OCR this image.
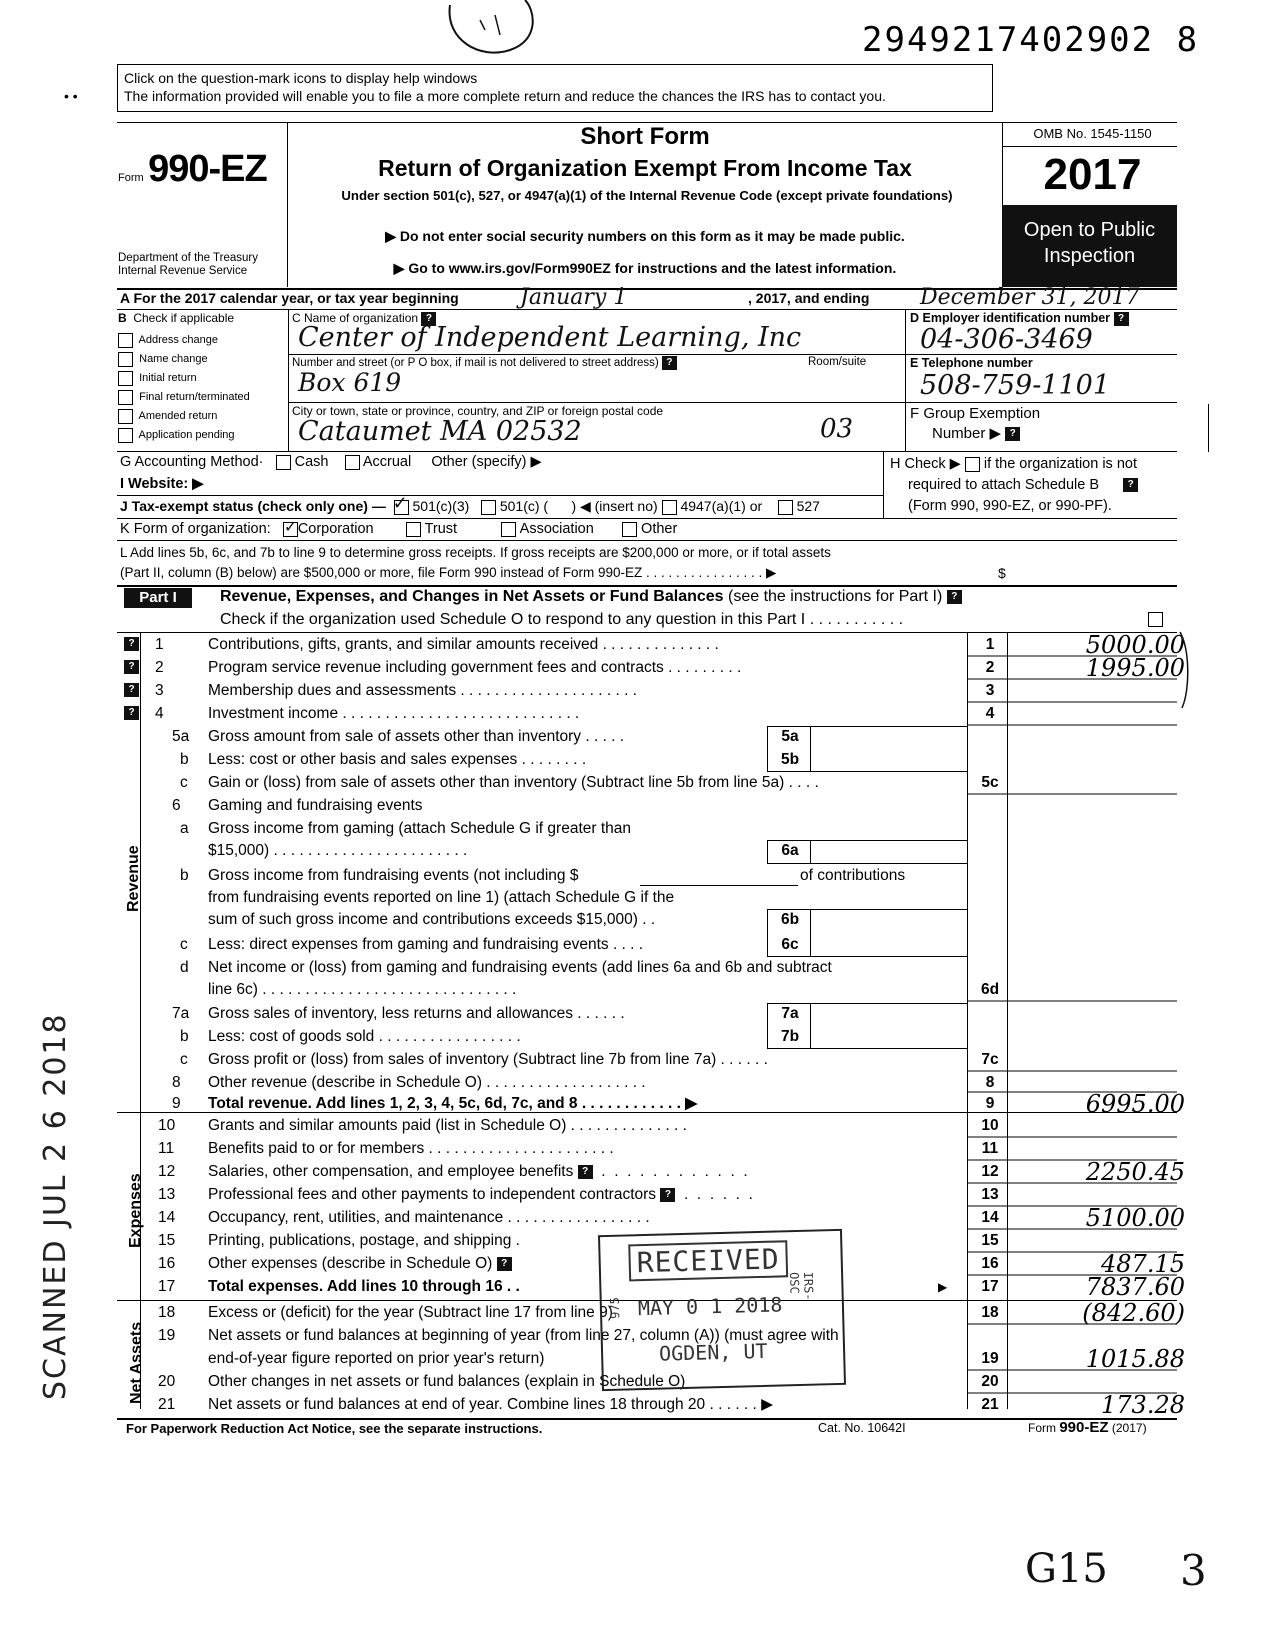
2949217402902 8
Click on the question-mark icons to display help windows
The information provided will enable you to file a more complete return and reduce the chances the IRS has to contact you.
• •
Form 990-EZ
Department of the Treasury
Internal Revenue Service
Short Form
Return of Organization Exempt From Income Tax
Under section 501(c), 527, or 4947(a)(1) of the Internal Revenue Code (except private foundations)
▶ Do not enter social security numbers on this form as it may be made public.
▶ Go to www.irs.gov/Form990EZ for instructions and the latest information.
OMB No. 1545-1150
2017
Open to Public
Inspection
A For the 2017 calendar year, or tax year beginning	January 1	, 2017, and ending December 31, 2017
B Check if applicable
Address change
Name change
Initial return
Final return/terminated
Amended return
Application pending
C Name of organization ?
Center of Independent Learning, Inc
Number and street (or P O box, if mail is not delivered to street address) ?	Room/suite
Box 619
City or town, state or province, country, and ZIP or foreign postal code
Cataumet MA 02532	03
D Employer identification number ?
04-306-3469
E Telephone number
508-759-1101
F Group Exemption
Number ▶ ?
G Accounting Method· Cash Accrual Other (specify) ▶	H Check ▶ if the organization is not
required to attach Schedule B	?
(Form 990, 990-EZ, or 990-PF).
I Website: ▶
J Tax-exempt status (check only one) — ✓ 501(c)(3) 501(c) ( ) ◀ (insert no) 4947(a)(1) or 527
K Form of organization: ✓ Corporation	Trust	Association	Other
L Add lines 5b, 6c, and 7b to line 9 to determine gross receipts. If gross receipts are $200,000 or more, or if total assets
(Part II, column (B) below) are $500,000 or more, file Form 990 instead of Form 990-EZ . . . . . . . . . . . . . . . . ▶	$
Part I	Revenue, Expenses, and Changes in Net Assets or Fund Balances (see the instructions for Part I) ?
Check if the organization used Schedule O to respond to any question in this Part I . . . . . . . . . . .
Revenue
Expenses
Net Assets
? 1	Contributions, gifts, grants, and similar amounts received . . . . . . . . . . . . . .	1	5000.00
? 2	Program service revenue including government fees and contracts . . . . . . . . .	2	1995.00
? 3	Membership dues and assessments . . . . . . . . . . . . . . . . . . . . .	3
? 4	Investment income . . . . . . . . . . . . . . . . . . . . . . . . . . . .	4
5a	Gross amount from sale of assets other than inventory . . . . .	5a
b	Less: cost or other basis and sales expenses . . . . . . . .	5b
c	Gain or (loss) from sale of assets other than inventory (Subtract line 5b from line 5a) . . . .	5c
6	Gaming and fundraising events
a	Gross income from gaming (attach Schedule G if greater than
$15,000) . . . . . . . . . . . . . . . . . . . . . . .	6a
b	Gross income from fundraising events (not including $	of contributions
from fundraising events reported on line 1) (attach Schedule G if the
sum of such gross income and contributions exceeds $15,000) . .	6b
c	Less: direct expenses from gaming and fundraising events . . . .	6c
d	Net income or (loss) from gaming and fundraising events (add lines 6a and 6b and subtract
line 6c) . . . . . . . . . . . . . . . . . . . . . . . . . . . . . .	6d
7a	Gross sales of inventory, less returns and allowances . . . . . .	7a
b	Less: cost of goods sold . . . . . . . . . . . . . . . . .	7b
c	Gross profit or (loss) from sales of inventory (Subtract line 7b from line 7a) . . . . . .	7c
8	Other revenue (describe in Schedule O) . . . . . . . . . . . . . . . . . . .	8
9	Total revenue. Add lines 1, 2, 3, 4, 5c, 6d, 7c, and 8 . . . . . . . . . . . . ▶	9	6995.00
10	Grants and similar amounts paid (list in Schedule O) . . . . . . . . . . . . . .	10
11	Benefits paid to or for members . . . . . . . . . . . . . . . . . . . . . .	11
12	Salaries, other compensation, and employee benefits ?  .  .  .  .  .  .  .  .  .  .  .  .	12	2250.45
13	Professional fees and other payments to independent contractors ?  .  .  .  .  .  .	13
14	Occupancy, rent, utilities, and maintenance . . . . . . . . . . . . . . . . .	14	5100.00
15	Printing, publications, postage, and shipping .	15
16	Other expenses (describe in Schedule O) ?	16	487.15
17	Total expenses. Add lines 10 through 16 . .	▶	17	7837.60
18	Excess or (deficit) for the year (Subtract line 17 from line 9)	18	(842.60)
19	Net assets or fund balances at beginning of year (from line 27, column (A)) (must agree with
end-of-year figure reported on prior year's return)	19	1015.88
20	Other changes in net assets or fund balances (explain in Schedule O)	20
21	Net assets or fund balances at end of year. Combine lines 18 through 20 . . . . . . ▶	21	173.28
RECEIVED
MAY 0 1 2018
OGDEN, UT
975
IRS-OSC
SCANNED JUL 2 6 2018
For Paperwork Reduction Act Notice, see the separate instructions.	Cat. No. 10642I	Form 990-EZ (2017)
G15 3
